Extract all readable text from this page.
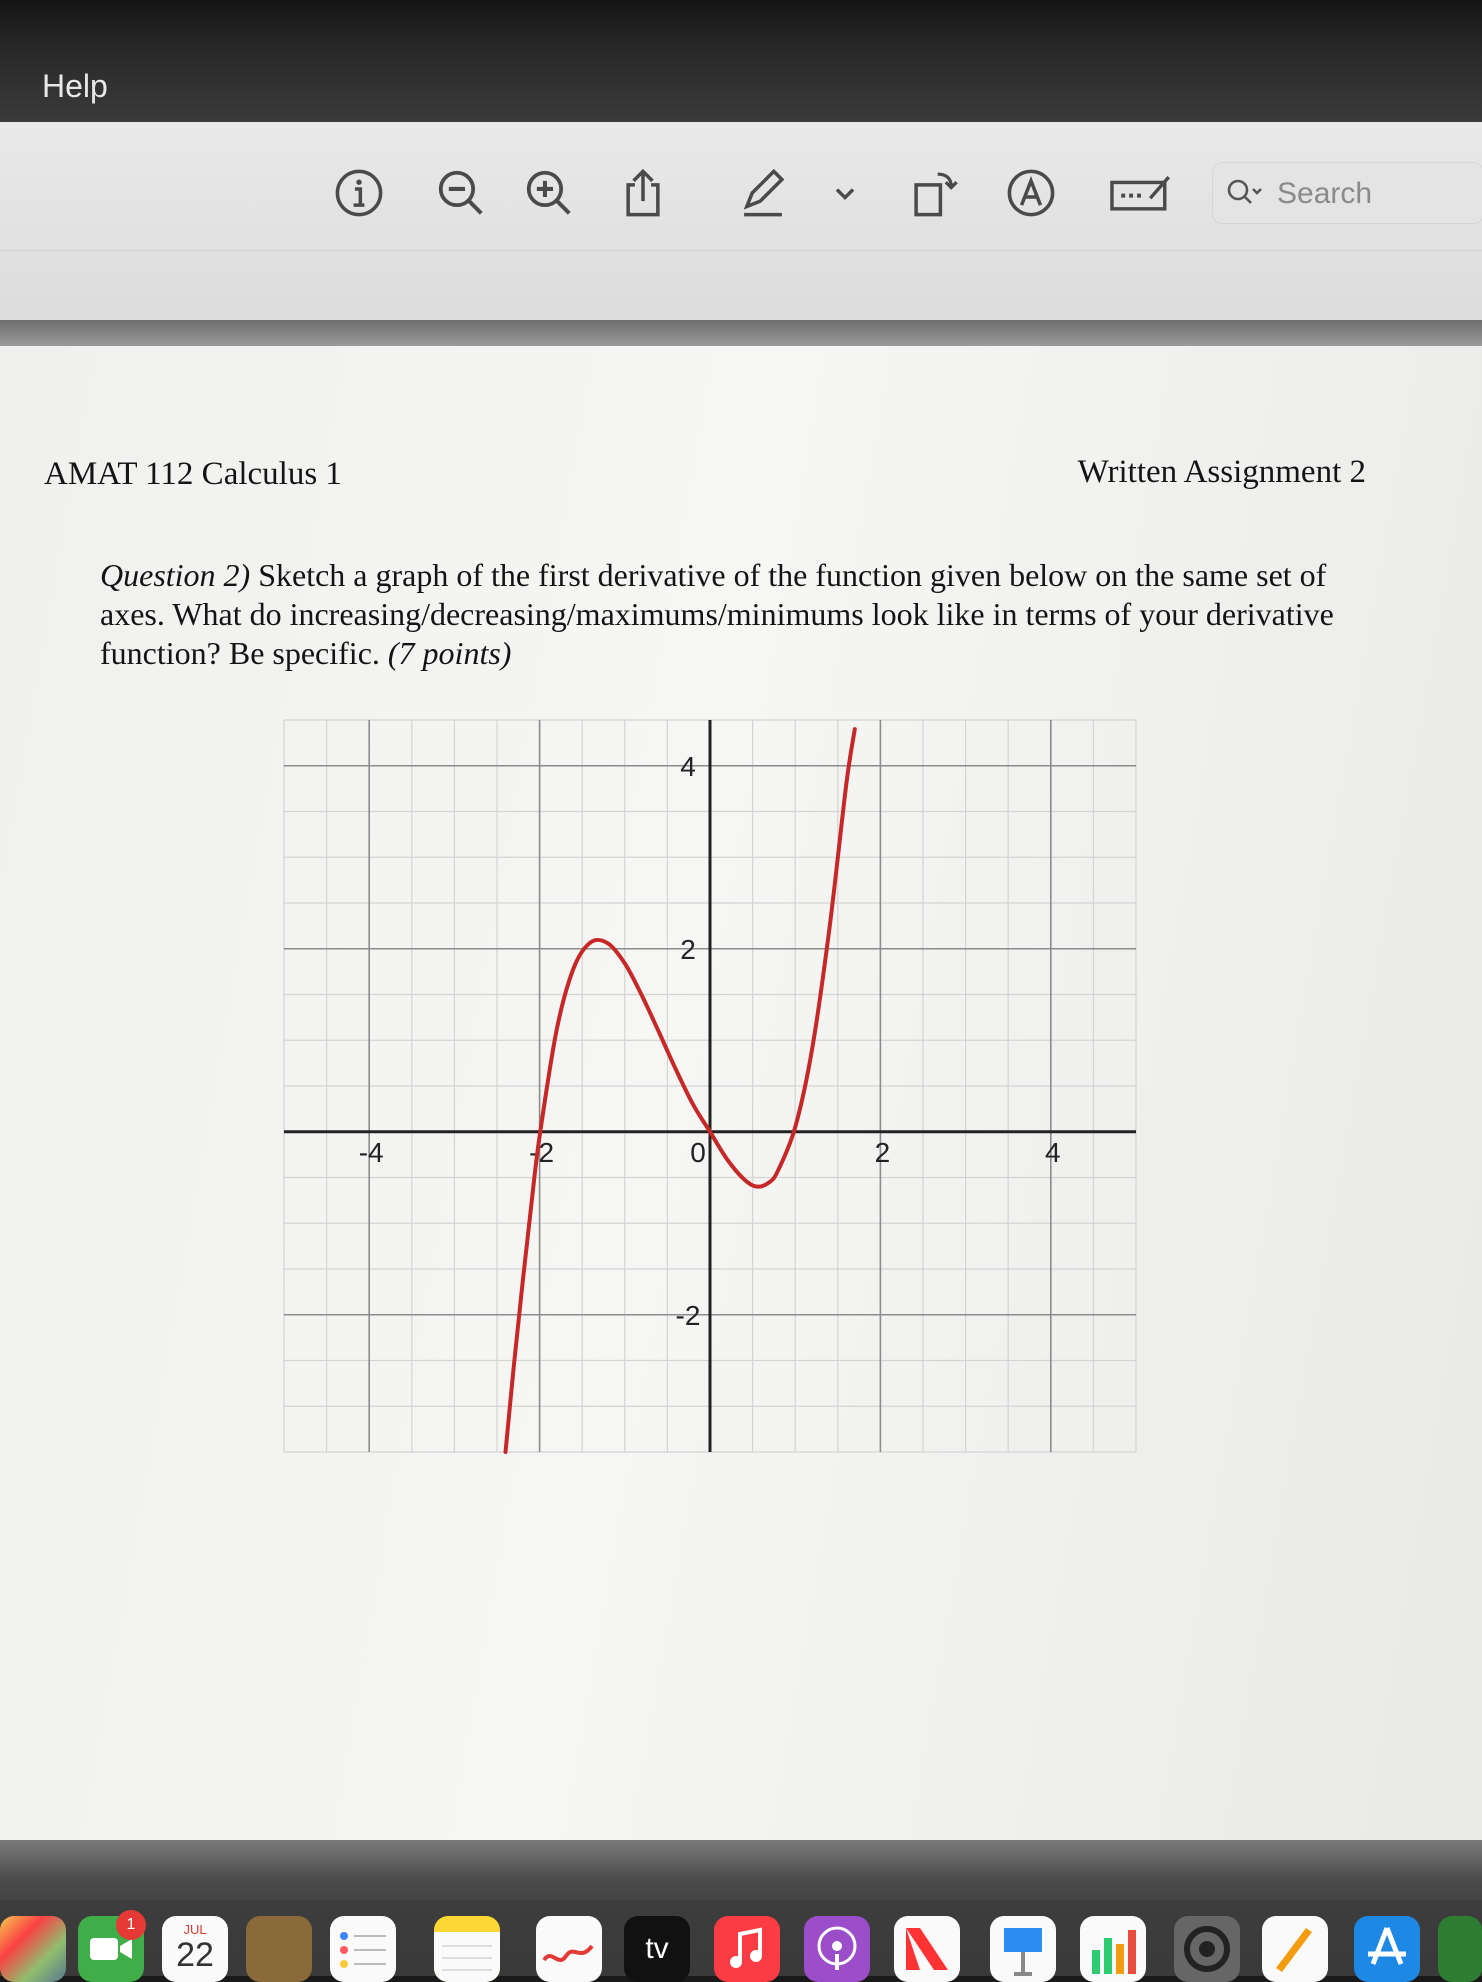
Help
Search
AMAT 112 Calculus 1	Written Assignment 2
Question 2) Sketch a graph of the first derivative of the function given below on the same set of axes. What do increasing/decreasing/maximums/minimums look like in terms of your derivative function? Be specific. (7 points)
-4	-2	0	2	4
4
2
-2
1	JUL
22	tv
